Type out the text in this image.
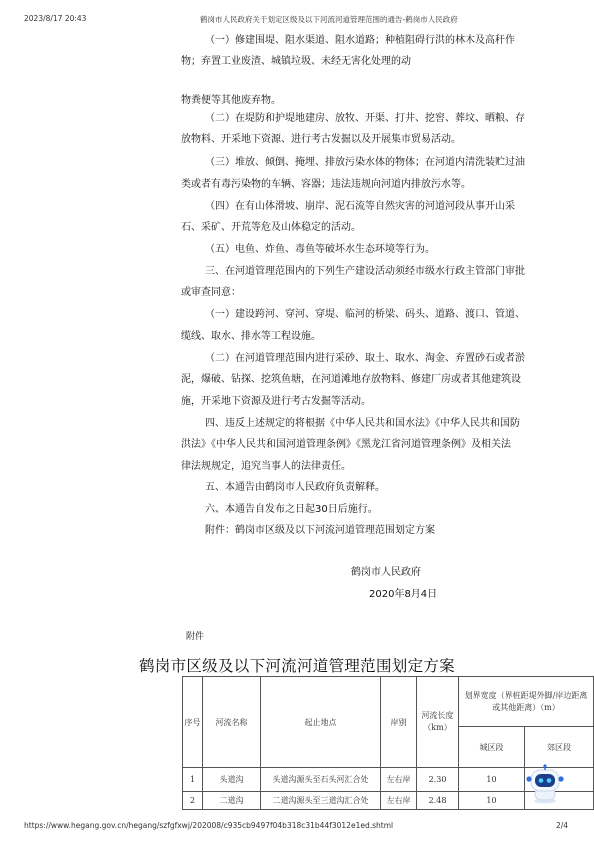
2023/8/17 20:43	鹤岗市人民政府关于划定区级及以下河流河道管理范围的通告-鹤岗市人民政府
（一）修建围堤、阻水渠道、阻水道路；种植阻碍行洪的林木及高秆作
物；弃置工业废渣、城镇垃圾、未经无害化处理的动
物粪便等其他废弃物。
（二）在堤防和护堤地建房、放牧、开渠、打井、挖窖、葬坟、晒粮、存
放物料、开采地下资源、进行考古发掘以及开展集市贸易活动。
（三）堆放、倾倒、掩埋、排放污染水体的物体；在河道内清洗装贮过油
类或者有毒污染物的车辆、容器；违法违规向河道内排放污水等。
（四）在有山体滑坡、崩岸、泥石流等自然灾害的河道河段从事开山采
石、采矿、开荒等危及山体稳定的活动。
（五）电鱼、炸鱼、毒鱼等破坏水生态环境等行为。
三、在河道管理范围内的下列生产建设活动须经市级水行政主管部门审批
或审查同意：
（一）建设跨河、穿河、穿堤、临河的桥梁、码头、道路、渡口、管道、
缆线、取水、排水等工程设施。
（二）在河道管理范围内进行采砂、取土、取水、淘金、弃置砂石或者淤
泥，爆破、钻探、挖筑鱼塘，在河道滩地存放物料、修建厂房或者其他建筑设
施，开采地下资源及进行考古发掘等活动。
四、违反上述规定的将根据《中华人民共和国水法》《中华人民共和国防
洪法》《中华人民共和国河道管理条例》《黑龙江省河道管理条例》及相关法
律法规规定，追究当事人的法律责任。
五、本通告由鹤岗市人民政府负责解释。
六、本通告自发布之日起30日后施行。
附件：鹤岗市区级及以下河流河道管理范围划定方案
鹤岗市人民政府
2020年8月4日
附件
鹤岗市区级及以下河流河道管理范围划定方案
序号	河流名称	起止地点	岸别	河流长度（km）	划界宽度（界桩距堤外脚/岸边距离或其他距离）（m）	
					城区段	郊区段
1	头道沟	头道沟源头至石头河汇合处	左右岸	2.30	10	
2	二道沟	二道沟源头至三道沟汇合处	左右岸	2.48	10	
https://www.hegang.gov.cn/hegang/szfgfxwj/202008/c935cb9497f04b318c31b44f3012e1ed.shtml	2/4
